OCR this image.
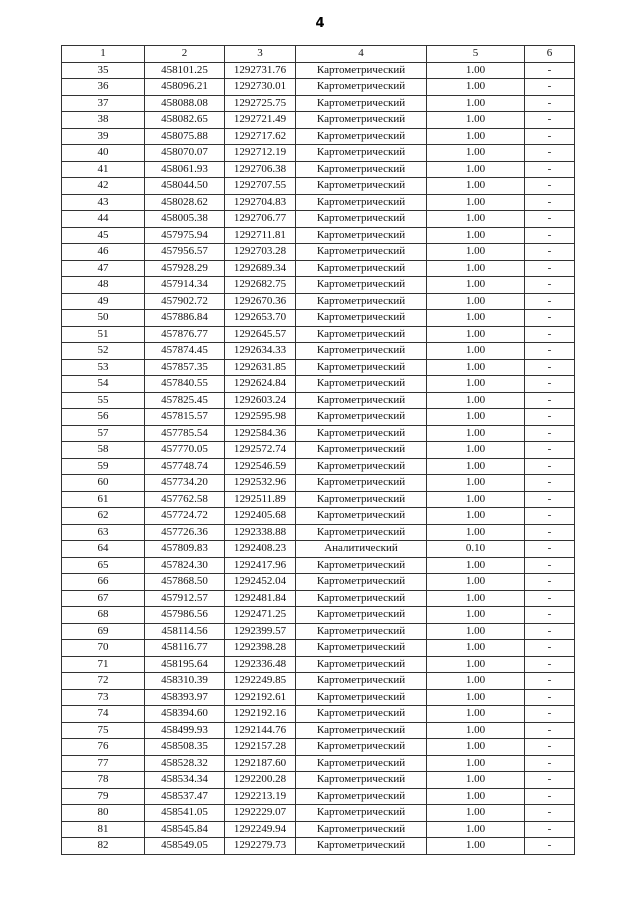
4
1	2	3	4	5	6
35	458101.25	1292731.76	Картометрический	1.00	-
36	458096.21	1292730.01	Картометрический	1.00	-
37	458088.08	1292725.75	Картометрический	1.00	-
38	458082.65	1292721.49	Картометрический	1.00	-
39	458075.88	1292717.62	Картометрический	1.00	-
40	458070.07	1292712.19	Картометрический	1.00	-
41	458061.93	1292706.38	Картометрический	1.00	-
42	458044.50	1292707.55	Картометрический	1.00	-
43	458028.62	1292704.83	Картометрический	1.00	-
44	458005.38	1292706.77	Картометрический	1.00	-
45	457975.94	1292711.81	Картометрический	1.00	-
46	457956.57	1292703.28	Картометрический	1.00	-
47	457928.29	1292689.34	Картометрический	1.00	-
48	457914.34	1292682.75	Картометрический	1.00	-
49	457902.72	1292670.36	Картометрический	1.00	-
50	457886.84	1292653.70	Картометрический	1.00	-
51	457876.77	1292645.57	Картометрический	1.00	-
52	457874.45	1292634.33	Картометрический	1.00	-
53	457857.35	1292631.85	Картометрический	1.00	-
54	457840.55	1292624.84	Картометрический	1.00	-
55	457825.45	1292603.24	Картометрический	1.00	-
56	457815.57	1292595.98	Картометрический	1.00	-
57	457785.54	1292584.36	Картометрический	1.00	-
58	457770.05	1292572.74	Картометрический	1.00	-
59	457748.74	1292546.59	Картометрический	1.00	-
60	457734.20	1292532.96	Картометрический	1.00	-
61	457762.58	1292511.89	Картометрический	1.00	-
62	457724.72	1292405.68	Картометрический	1.00	-
63	457726.36	1292338.88	Картометрический	1.00	-
64	457809.83	1292408.23	Аналитический	0.10	-
65	457824.30	1292417.96	Картометрический	1.00	-
66	457868.50	1292452.04	Картометрический	1.00	-
67	457912.57	1292481.84	Картометрический	1.00	-
68	457986.56	1292471.25	Картометрический	1.00	-
69	458114.56	1292399.57	Картометрический	1.00	-
70	458116.77	1292398.28	Картометрический	1.00	-
71	458195.64	1292336.48	Картометрический	1.00	-
72	458310.39	1292249.85	Картометрический	1.00	-
73	458393.97	1292192.61	Картометрический	1.00	-
74	458394.60	1292192.16	Картометрический	1.00	-
75	458499.93	1292144.76	Картометрический	1.00	-
76	458508.35	1292157.28	Картометрический	1.00	-
77	458528.32	1292187.60	Картометрический	1.00	-
78	458534.34	1292200.28	Картометрический	1.00	-
79	458537.47	1292213.19	Картометрический	1.00	-
80	458541.05	1292229.07	Картометрический	1.00	-
81	458545.84	1292249.94	Картометрический	1.00	-
82	458549.05	1292279.73	Картометрический	1.00	-
